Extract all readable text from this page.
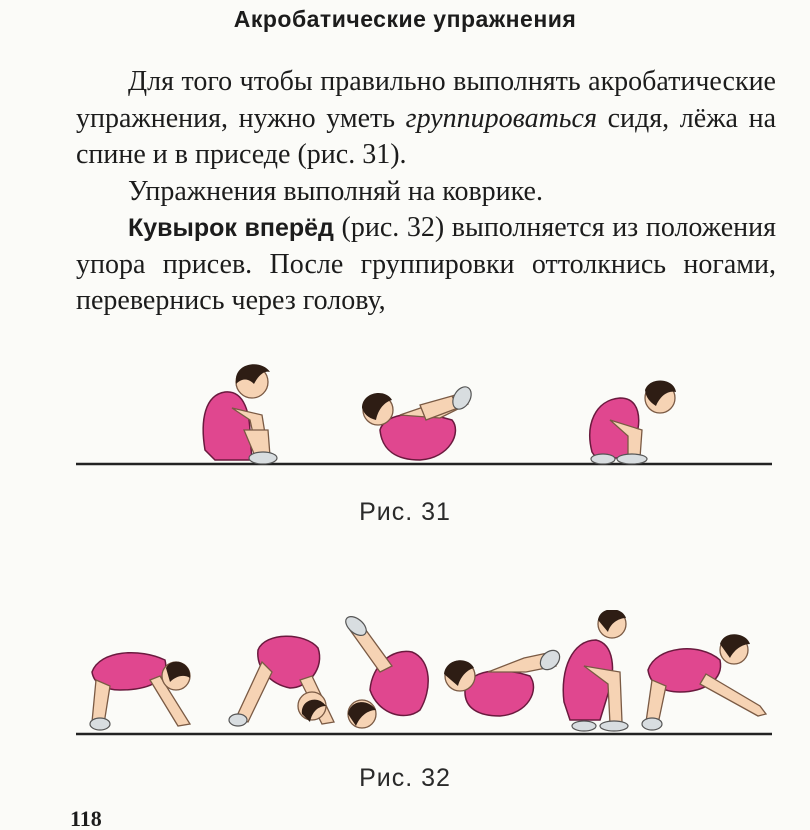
Акробатические упражнения

Для того чтобы правильно выполнять акробатические упражнения, нужно уметь группироваться сидя, лёжа на спине и в приседе (рис. 31).

Упражнения выполняй на коврике.

Кувырок вперёд (рис. 32) выполняется из положения упора присев. После группировки оттолкнись ногами, перевернись через голову,

Рис. 31
Рис. 32
118
